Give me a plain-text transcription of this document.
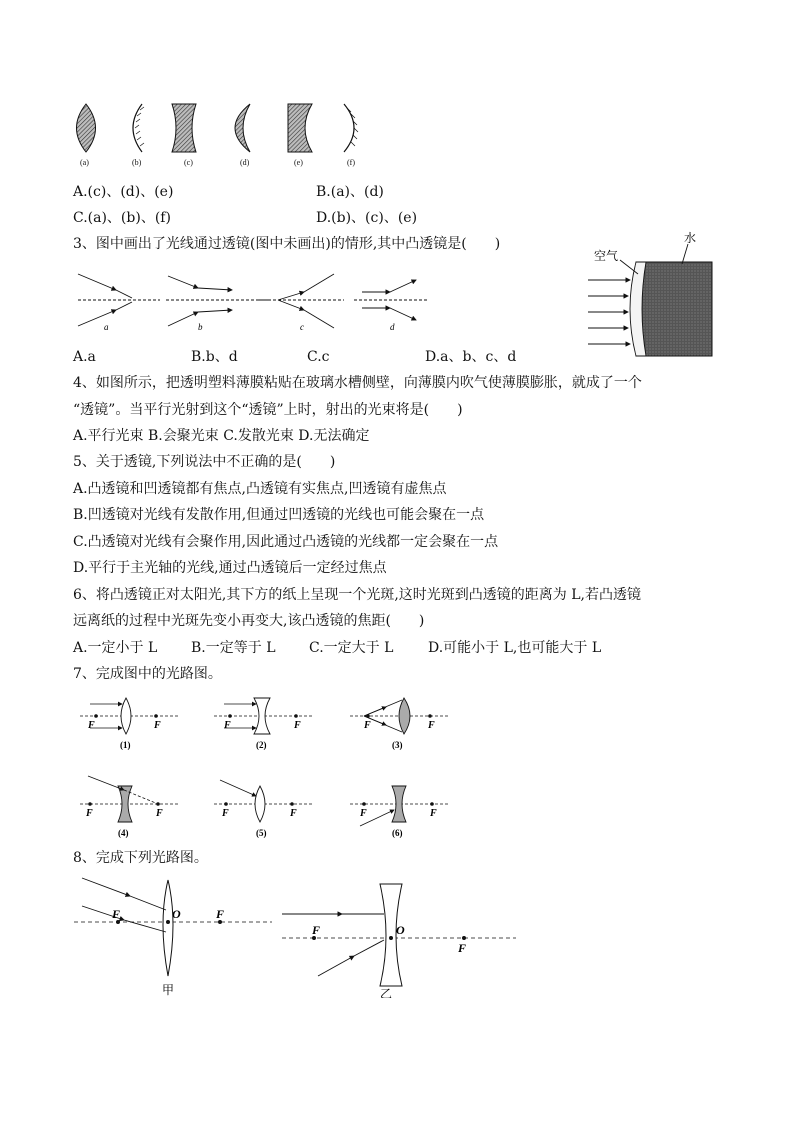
(a)	(b)	(c)	(d)	(e)	(f)
A.(c)、(d)、(e)	B.(a)、(d)
C.(a)、(b)、(f)	D.(b)、(c)、(e)
3、图中画出了光线通过透镜(图中未画出)的情形,其中凸透镜是(　　)
a	b	c	d
A.a	B.b、d	C.c	D.a、b、c、d
空气
水
4、如图所示，把透明塑料薄膜粘贴在玻璃水槽侧壁，向薄膜内吹气使薄膜膨胀，就成了一个
“透镜”。当平行光射到这个“透镜”上时，射出的光束将是(　　)
A.平行光束 B.会聚光束 C.发散光束 D.无法确定
5、关于透镜,下列说法中不正确的是(　　)
A.凸透镜和凹透镜都有焦点,凸透镜有实焦点,凹透镜有虚焦点
B.凹透镜对光线有发散作用,但通过凹透镜的光线也可能会聚在一点
C.凸透镜对光线有会聚作用,因此通过凸透镜的光线都一定会聚在一点
D.平行于主光轴的光线,通过凸透镜后一定经过焦点
6、将凸透镜正对太阳光,其下方的纸上呈现一个光斑,这时光斑到凸透镜的距离为 L,若凸透镜
远离纸的过程中光斑先变小再变大,该凸透镜的焦距(　　)
A.一定小于 L B.一定等于 L C.一定大于 L D.可能小于 L,也可能大于 L
7、完成图中的光路图。
F	F	F	F	F	F
F	F	F	F	F	F
(1)	(2)	(3)
(4)	(5)	(6)
8、完成下列光路图。
F	O	F
F	O
F
甲	乙
